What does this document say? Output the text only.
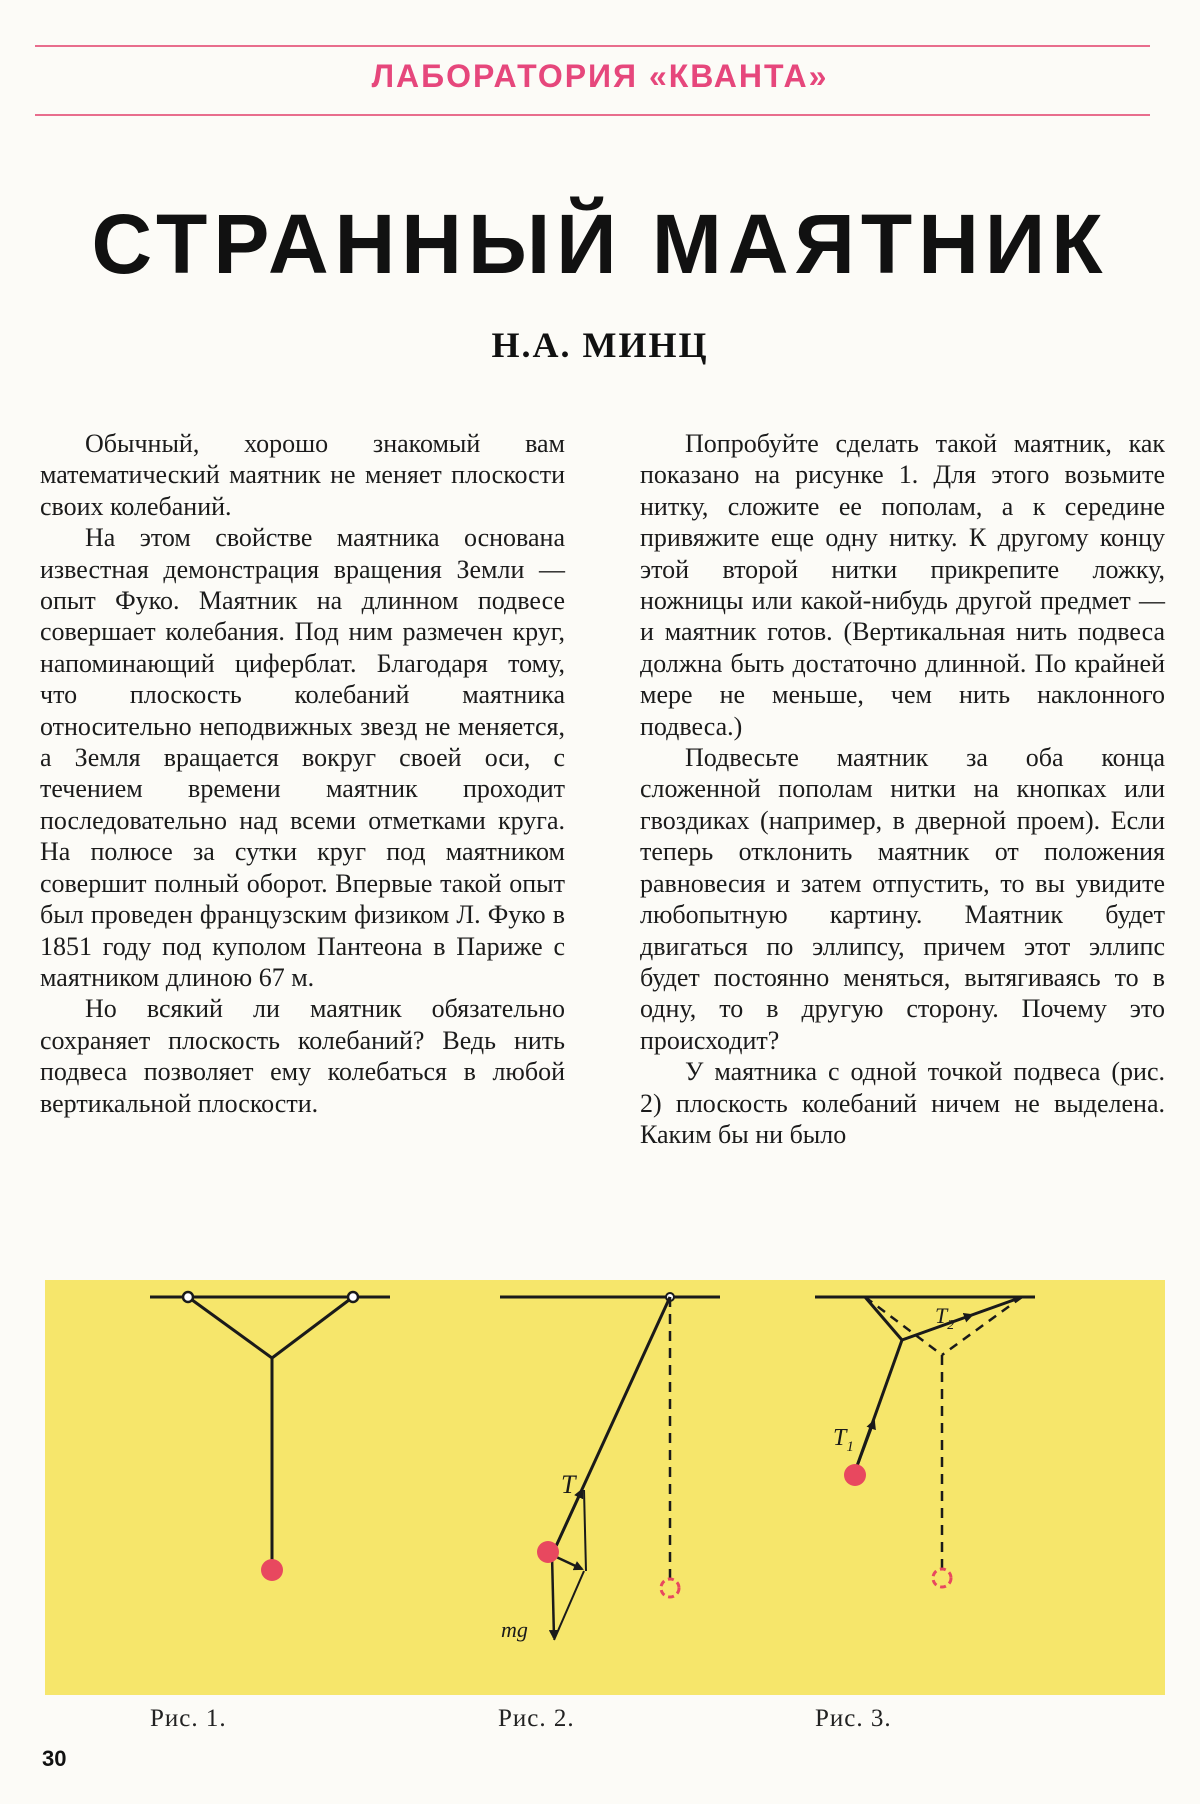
ЛАБОРАТОРИЯ «КВАНТА»
СТРАННЫЙ МАЯТНИК
Н.А. МИНЦ

Обычный, хорошо знакомый вам математический маятник не меняет плоскости своих колебаний.

На этом свойстве маятника основана известная демонстрация вращения Земли — опыт Фуко. Маятник на длинном подвесе совершает колебания. Под ним размечен круг, напоминающий циферблат. Благодаря тому, что плоскость колебаний маятника относительно неподвижных звезд не меняется, а Земля вращается вокруг своей оси, с течением времени маятник проходит последовательно над всеми отметками круга. На полюсе за сутки круг под маятником совершит полный оборот. Впервые такой опыт был проведен французским физиком Л. Фуко в 1851 году под куполом Пантеона в Париже с маятником длиною 67 м.

Но всякий ли маятник обязательно сохраняет плоскость колебаний? Ведь нить подвеса позволяет ему колебаться в любой вертикальной плоскости.

Попробуйте сделать такой маятник, как показано на рисунке 1. Для этого возьмите нитку, сложите ее пополам, а к середине привяжите еще одну нитку. К другому концу этой второй нитки прикрепите ложку, ножницы или какой-нибудь другой предмет — и маятник готов. (Вертикальная нить подвеса должна быть достаточно длинной. По крайней мере не меньше, чем нить наклонного подвеса.)

Подвесьте маятник за оба конца сложенной пополам нитки на кнопках или гвоздиках (например, в дверной проем). Если теперь отклонить маятник от положения равновесия и затем отпустить, то вы увидите любопытную картину. Маятник будет двигаться по эллипсу, причем этот эллипс будет постоянно меняться, вытягиваясь то в одну, то в другую сторону. Почему это происходит?

У маятника с одной точкой подвеса (рис. 2) плоскость колебаний ничем не выделена. Каким бы ни было

T
mg
$T_1$
$T_2$
Рис. 1.	Рис. 2.	Рис. 3.
30
